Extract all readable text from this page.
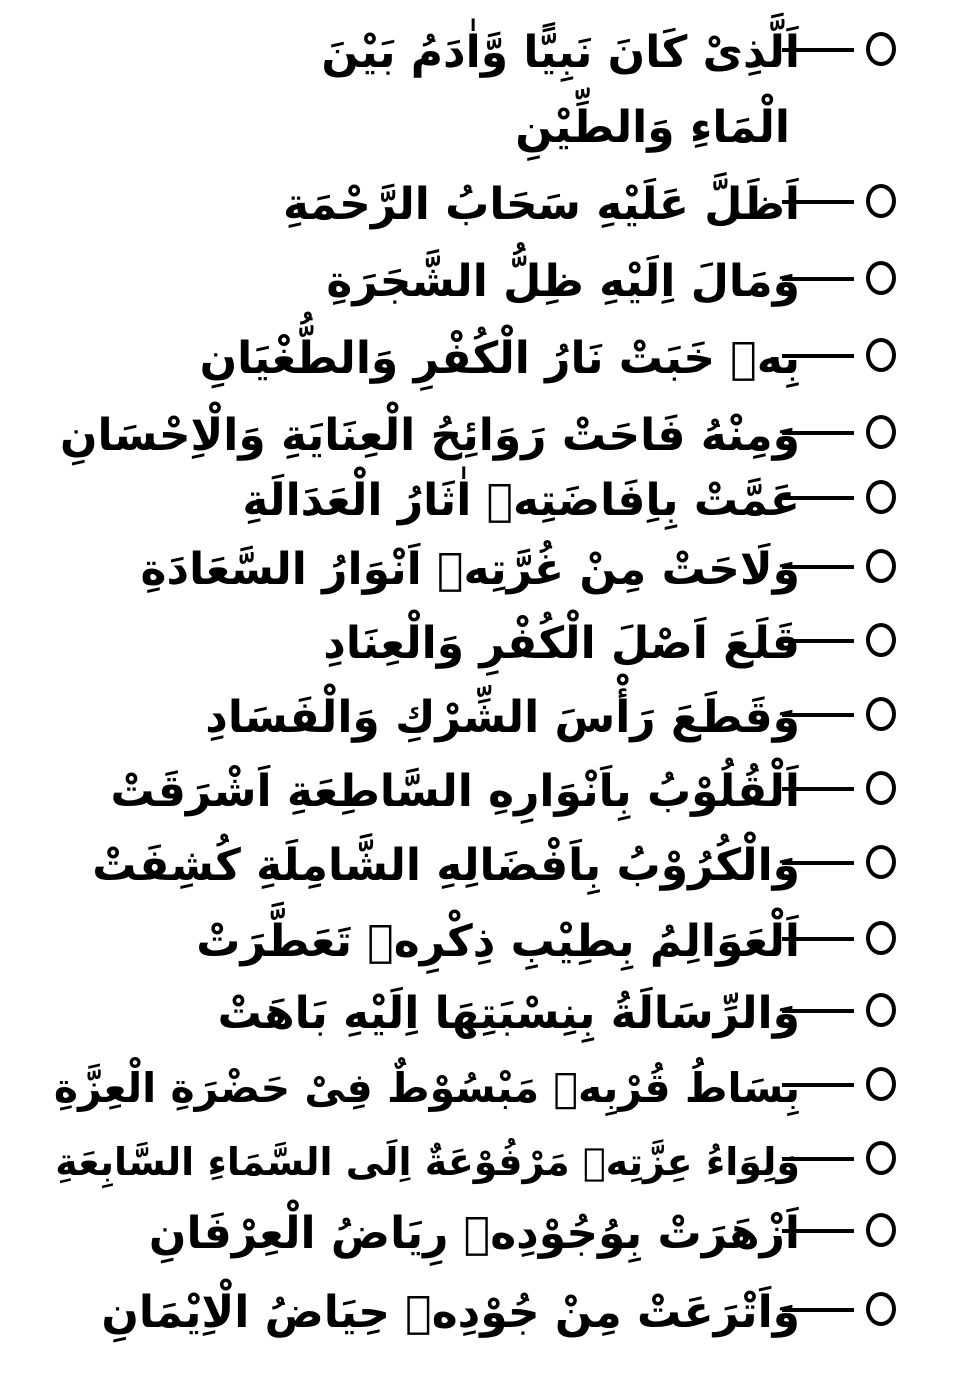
اَلَّذِىْ كَانَ نَبِيًّا وَّاٰدَمُ بَيْنَ
الْمَاءِ وَالطِّيْنِ
اَظَلَّ عَلَيْهِ سَحَابُ الرَّحْمَةِ
وَمَالَ اِلَيْهِ ظِلُّ الشَّجَرَةِ
بِهٖ خَبَتْ نَارُ الْكُفْرِ وَالطُّغْيَانِ
وَمِنْهُ فَاحَتْ رَوَائِحُ الْعِنَايَةِ وَالْاِحْسَانِ
عَمَّتْ بِاِفَاضَتِهٖ اٰثَارُ الْعَدَالَةِ
وَلَاحَتْ مِنْ غُرَّتِهٖ اَنْوَارُ السَّعَادَةِ
قَلَعَ اَصْلَ الْكُفْرِ وَالْعِنَادِ
وَقَطَعَ رَأْسَ الشِّرْكِ وَالْفَسَادِ
اَلْقُلُوْبُ بِاَنْوَارِهِ السَّاطِعَةِ اَشْرَقَتْ
وَالْكُرُوْبُ بِاَفْضَالِهِ الشَّامِلَةِ كُشِفَتْ
اَلْعَوَالِمُ بِطِيْبِ ذِكْرِهٖ تَعَطَّرَتْ
وَالرِّسَالَةُ بِنِسْبَتِهَا اِلَيْهِ بَاهَتْ
بِسَاطُ قُرْبِهٖ مَبْسُوْطٌ فِىْ حَضْرَةِ الْعِزَّةِ
وَلِوَاءُ عِزَّتِهٖ مَرْفُوْعَةٌ اِلَى السَّمَاءِ السَّابِعَةِ
اَزْهَرَتْ بِوُجُوْدِهٖ رِيَاضُ الْعِرْفَانِ
وَاَتْرَعَتْ مِنْ جُوْدِهٖ حِيَاضُ الْاِيْمَانِ
